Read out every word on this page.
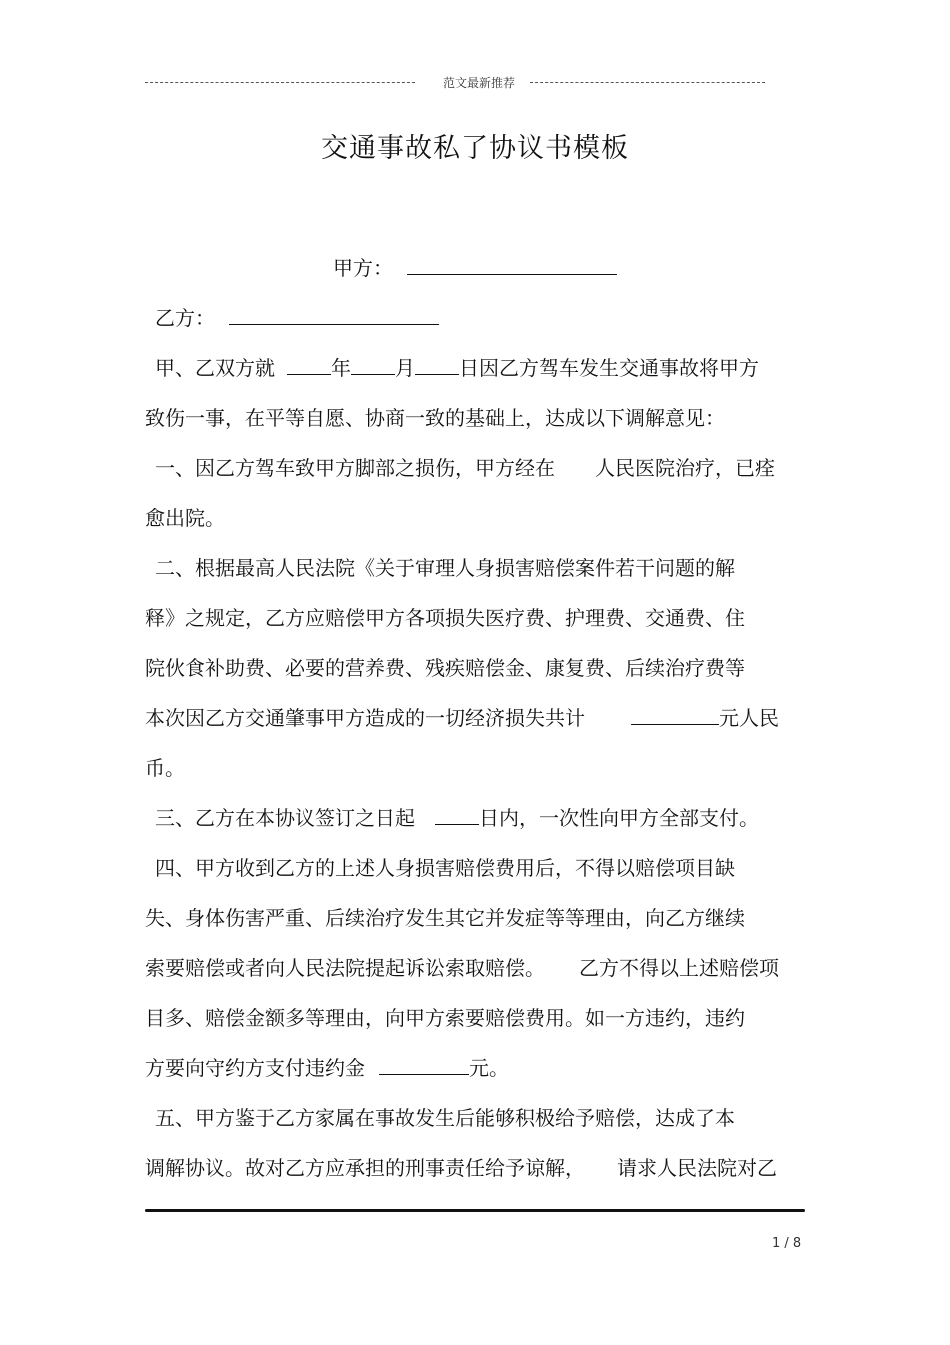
范文最新推荐
交通事故私了协议书模板
甲方：
乙方：
甲、乙双方就	年 月 日因乙方驾车发生交通事故将甲方
致伤一事，在平等自愿、协商一致的基础上，达成以下调解意见：
一、因乙方驾车致甲方脚部之损伤，甲方经在 人民医院治疗，已痊
愈出院。
二、根据最高人民法院《关于审理人身损害赔偿案件若干问题的解
释》之规定，乙方应赔偿甲方各项损失医疗费、护理费、交通费、住
院伙食补助费、必要的营养费、残疾赔偿金、康复费、后续治疗费等
本次因乙方交通肇事甲方造成的一切经济损失共计	元人民
币。
三、乙方在本协议签订之日起	日内，一次性向甲方全部支付。
四、甲方收到乙方的上述人身损害赔偿费用后，不得以赔偿项目缺
失、身体伤害严重、后续治疗发生其它并发症等等理由，向乙方继续
索要赔偿或者向人民法院提起诉讼索取赔偿。 乙方不得以上述赔偿项
目多、赔偿金额多等理由，向甲方索要赔偿费用。如一方违约，违约
方要向守约方支付违约金	元。
五、甲方鉴于乙方家属在事故发生后能够积极给予赔偿，达成了本
调解协议。故对乙方应承担的刑事责任给予谅解， 请求人民法院对乙
1 / 8
